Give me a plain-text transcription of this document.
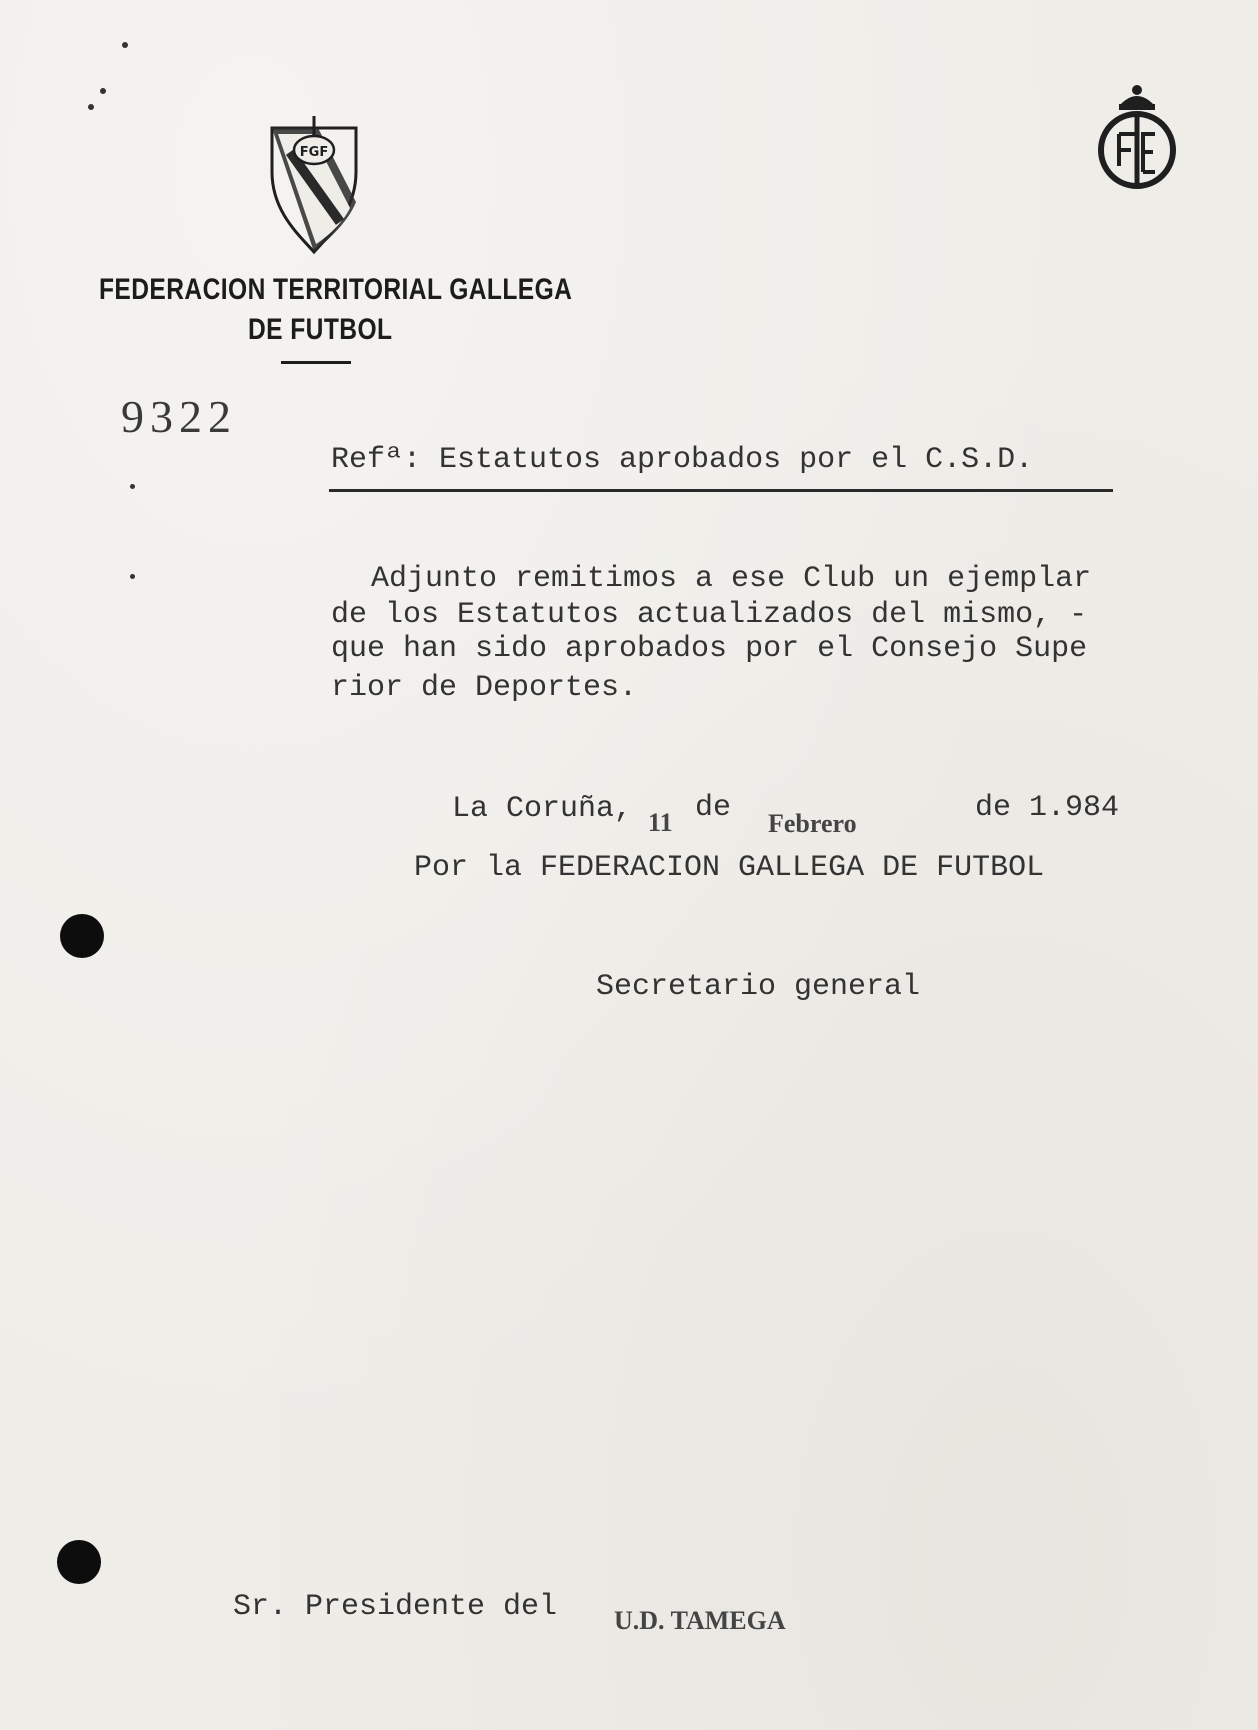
FGF
FEDERACION TERRITORIAL GALLEGA
DE FUTBOL
9322
Refª: Estatutos aprobados por el C.S.D.
Adjunto remitimos a ese Club un ejemplar
de los Estatutos actualizados del mismo, -
que han sido aprobados por el Consejo Supe
rior de Deportes.
La Coruña, 11 de Febrero	de 1.984
Por la FEDERACION GALLEGA DE FUTBOL
Secretario general
Sr. Presidente del U.D. TAMEGA
